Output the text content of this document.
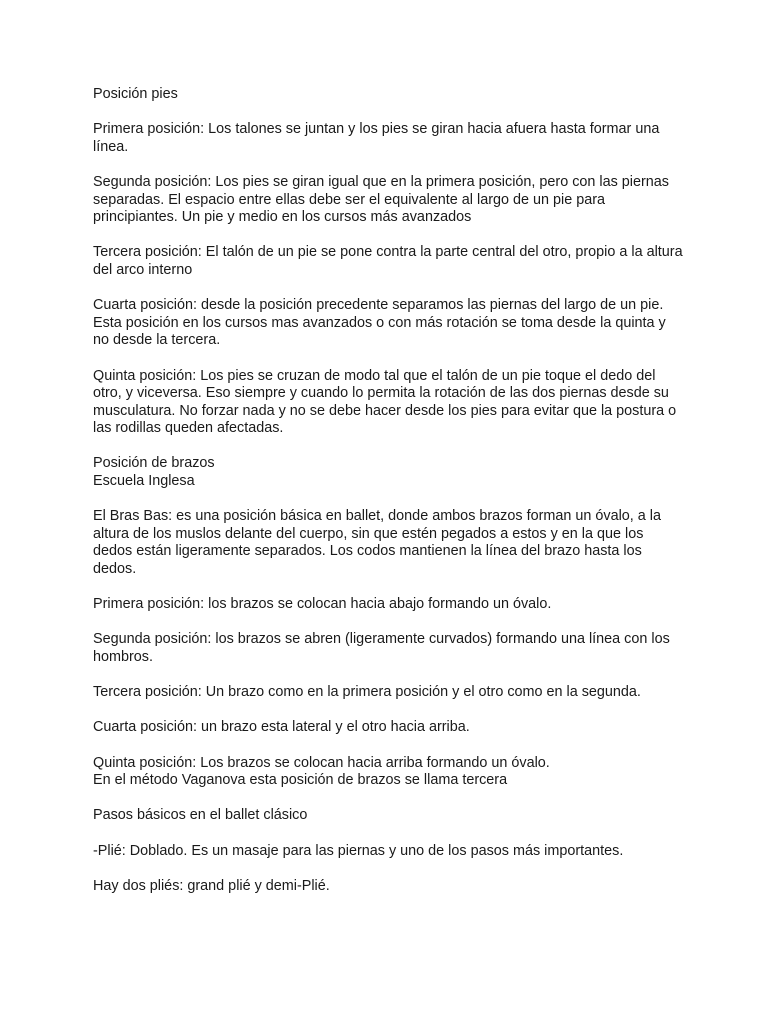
Posición pies

Primera posición: Los talones se juntan y los pies se giran hacia afuera hasta formar una
línea.

Segunda posición: Los pies se giran igual que en la primera posición, pero con las piernas
separadas. El espacio entre ellas debe ser el equivalente al largo de un pie para
principiantes. Un pie y medio en los cursos más avanzados

Tercera posición: El talón de un pie se pone contra la parte central del otro, propio a la altura
del arco interno

Cuarta posición: desde la posición precedente separamos las piernas del largo de un pie.
Esta posición en los cursos mas avanzados o con más rotación se toma desde la quinta y
no desde la tercera.

Quinta posición: Los pies se cruzan de modo tal que el talón de un pie toque el dedo del
otro, y viceversa. Eso siempre y cuando lo permita la rotación de las dos piernas desde su
musculatura. No forzar nada y no se debe hacer desde los pies para evitar que la postura o
las rodillas queden afectadas.

Posición de brazos
Escuela Inglesa

El Bras Bas: es una posición básica en ballet, donde ambos brazos forman un óvalo, a la
altura de los muslos delante del cuerpo, sin que estén pegados a estos y en la que los
dedos están ligeramente separados. Los codos mantienen la línea del brazo hasta los
dedos.

Primera posición: los brazos se colocan hacia abajo formando un óvalo.

Segunda posición: los brazos se abren (ligeramente curvados) formando una línea con los
hombros.

Tercera posición: Un brazo como en la primera posición y el otro como en la segunda.

Cuarta posición: un brazo esta lateral y el otro hacia arriba.

Quinta posición: Los brazos se colocan hacia arriba formando un óvalo.
En el método Vaganova esta posición de brazos se llama tercera

Pasos básicos en el ballet clásico

-Plié: Doblado. Es un masaje para las piernas y uno de los pasos más importantes.

Hay dos pliés: grand plié y demi-Plié.
